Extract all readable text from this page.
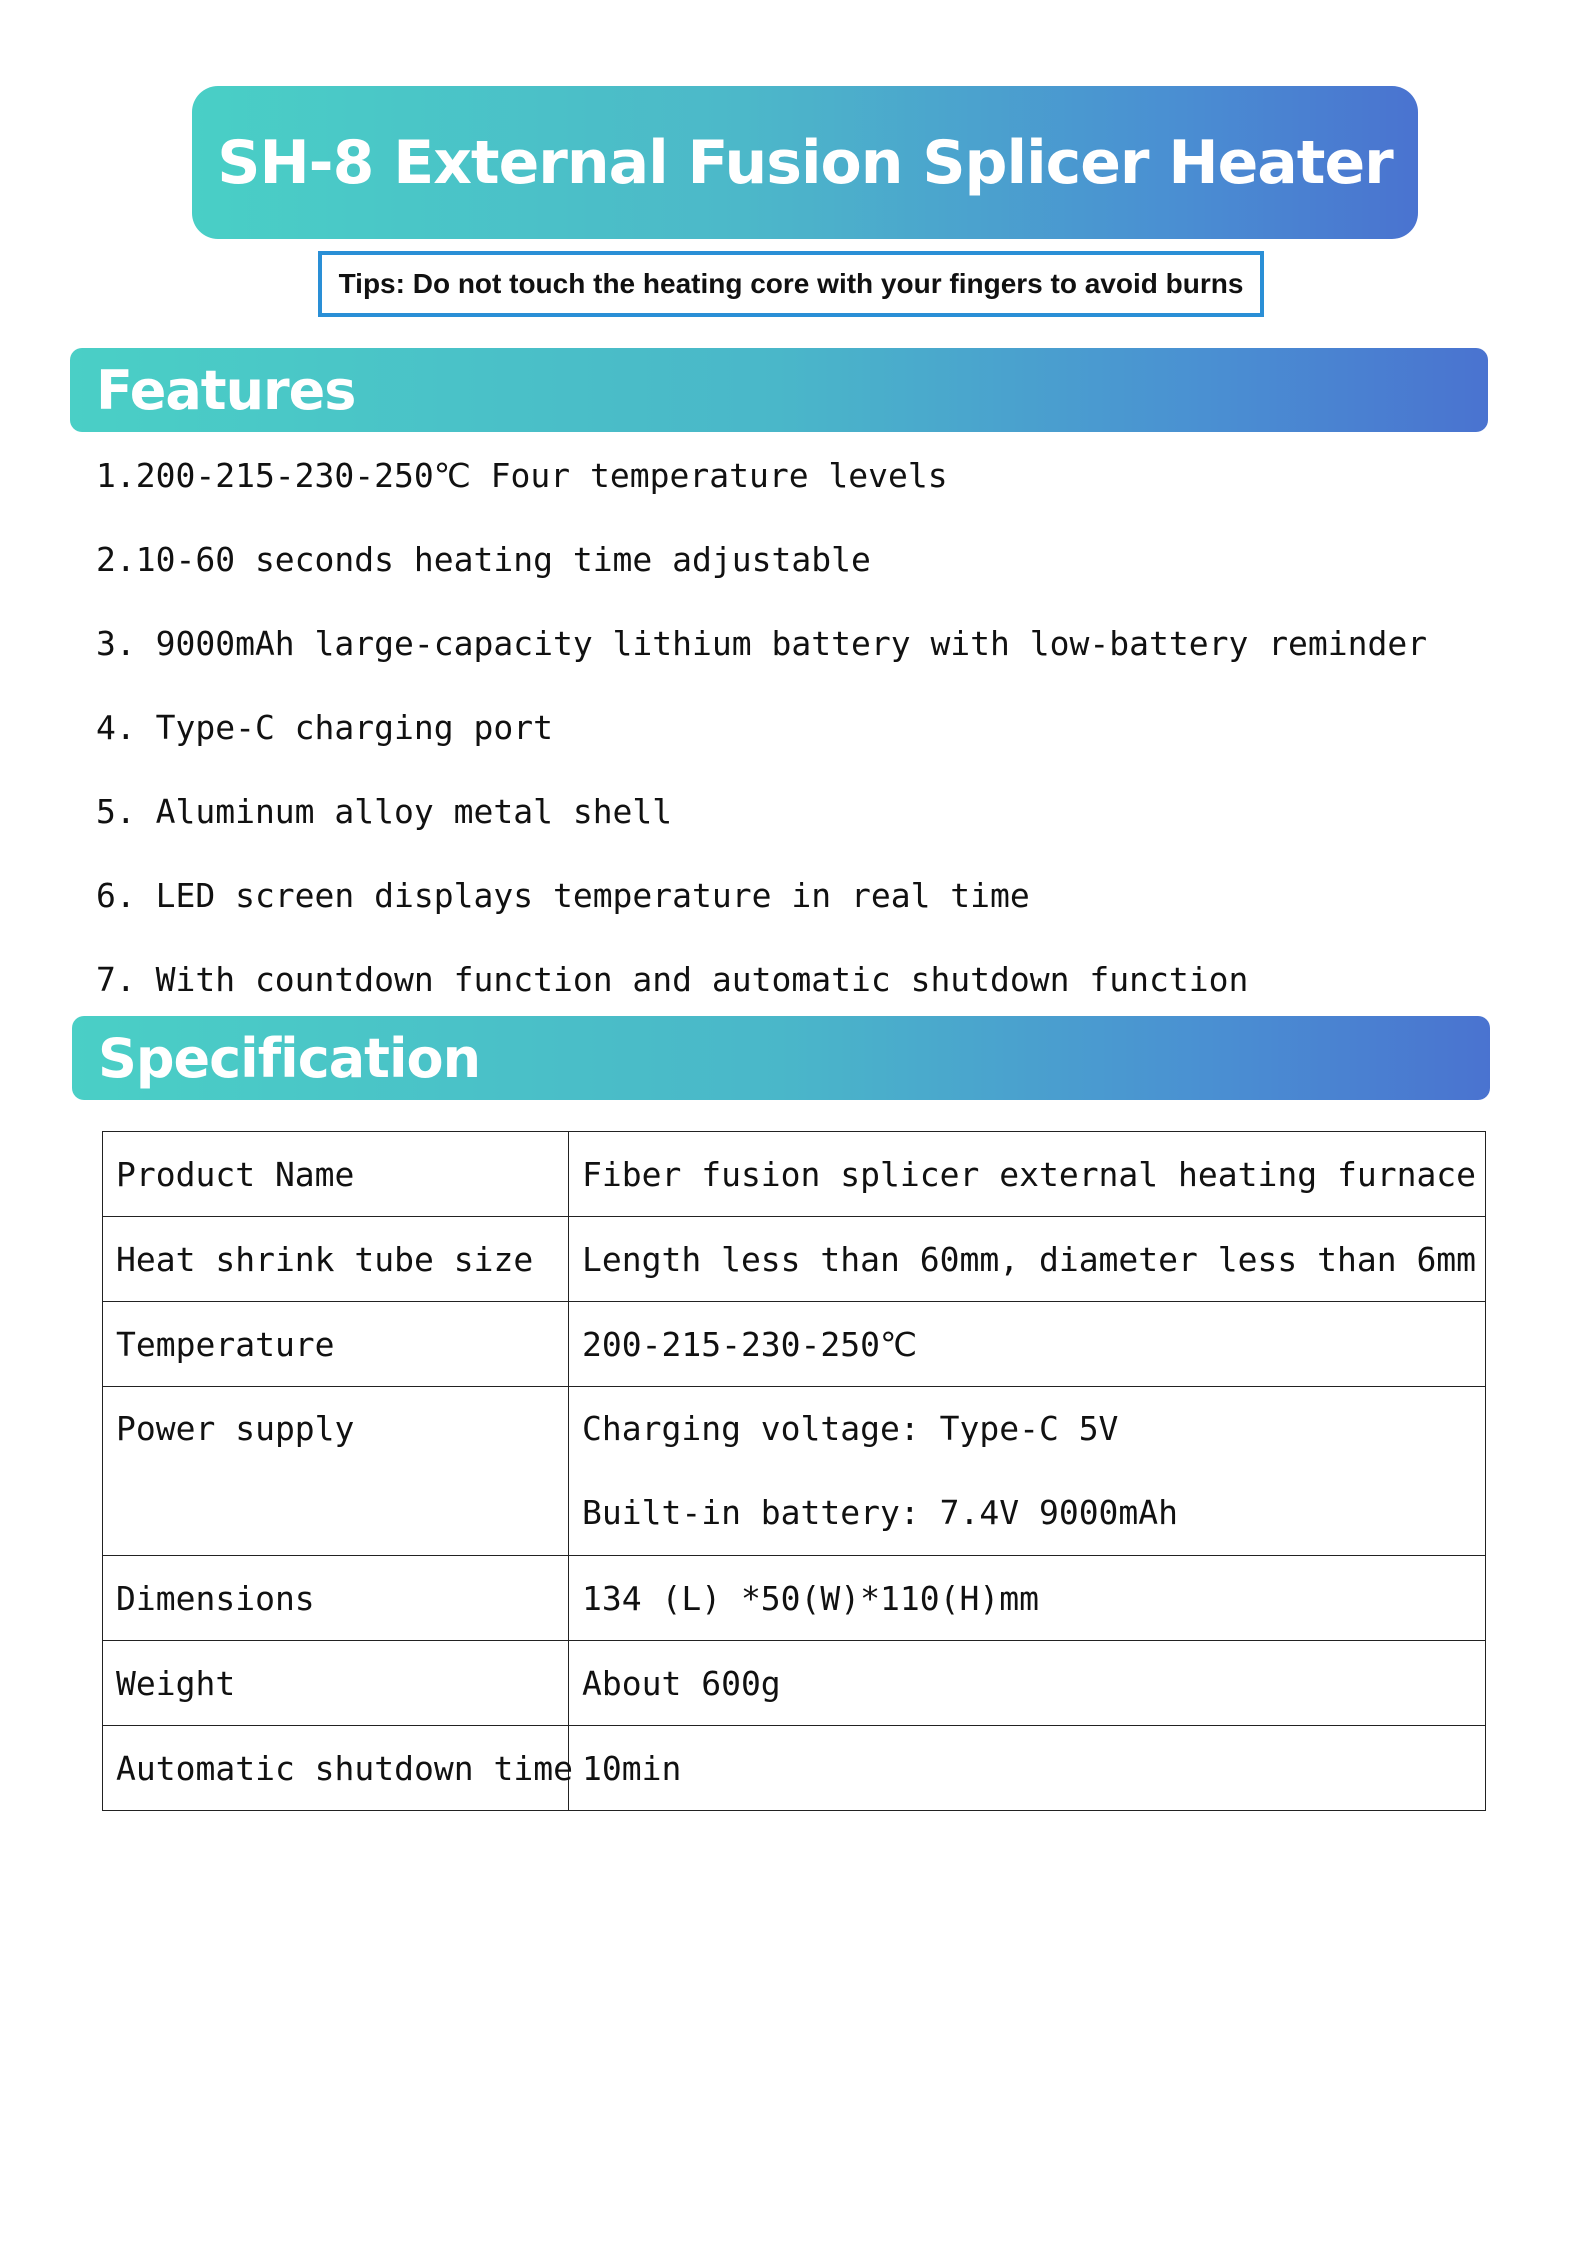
SH-8 External Fusion Splicer Heater
Tips: Do not touch the heating core with your fingers to avoid burns
Features
1.200-215-230-250℃ Four temperature levels
2.10-60 seconds heating time adjustable
3. 9000mAh large-capacity lithium battery with low-battery reminder
4. Type-C charging port
5. Aluminum alloy metal shell
6. LED screen displays temperature in real time
7. With countdown function and automatic shutdown function
Specification
Product Name	Fiber fusion splicer external heating furnace
Heat shrink tube size	Length less than 60mm, diameter less than 6mm
Temperature	200-215-230-250℃

Power supply	Charging voltage: Type-C 5V
Built-in battery: 7.4V 9000mAh

Dimensions	134 (L) *50(W)*110(H)mm
Weight	About 600g
Automatic shutdown time	10min
